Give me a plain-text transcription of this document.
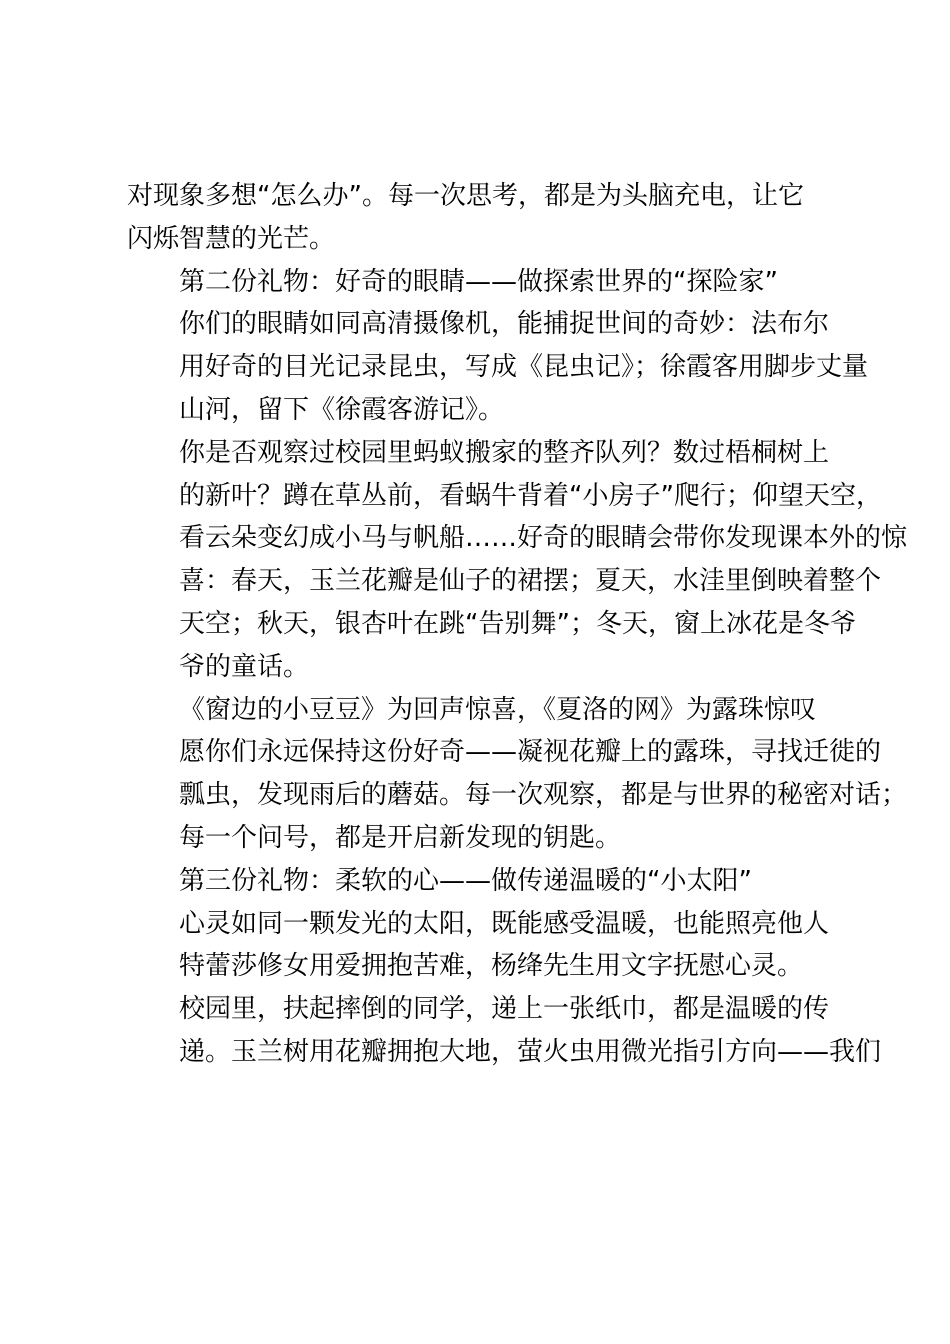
对现象多想“怎么办”。每一次思考，都是为头脑充电，让它
闪烁智慧的光芒。

第二份礼物：好奇的眼睛——做探索世界的“探险家”

你们的眼睛如同高清摄像机，能捕捉世间的奇妙：法布尔
用好奇的目光记录昆虫，写成《昆虫记》；徐霞客用脚步丈量
山河，留下《徐霞客游记》。

你是否观察过校园里蚂蚁搬家的整齐队列？数过梧桐树上
的新叶？蹲在草丛前，看蜗牛背着“小房子”爬行；仰望天空，
看云朵变幻成小马与帆船……好奇的眼睛会带你发现课本外的惊
喜：春天，玉兰花瓣是仙子的裙摆；夏天，水洼里倒映着整个
天空；秋天，银杏叶在跳“告别舞”；冬天，窗上冰花是冬爷
爷的童话。

《窗边的小豆豆》为回声惊喜，《夏洛的网》为露珠惊叹
愿你们永远保持这份好奇——凝视花瓣上的露珠，寻找迁徙的
瓢虫，发现雨后的蘑菇。每一次观察，都是与世界的秘密对话；
每一个问号，都是开启新发现的钥匙。

第三份礼物：柔软的心——做传递温暖的“小太阳”

心灵如同一颗发光的太阳，既能感受温暖，也能照亮他人
特蕾莎修女用爱拥抱苦难，杨绛先生用文字抚慰心灵。

校园里，扶起摔倒的同学，递上一张纸巾，都是温暖的传
递。玉兰树用花瓣拥抱大地，萤火虫用微光指引方向——我们
